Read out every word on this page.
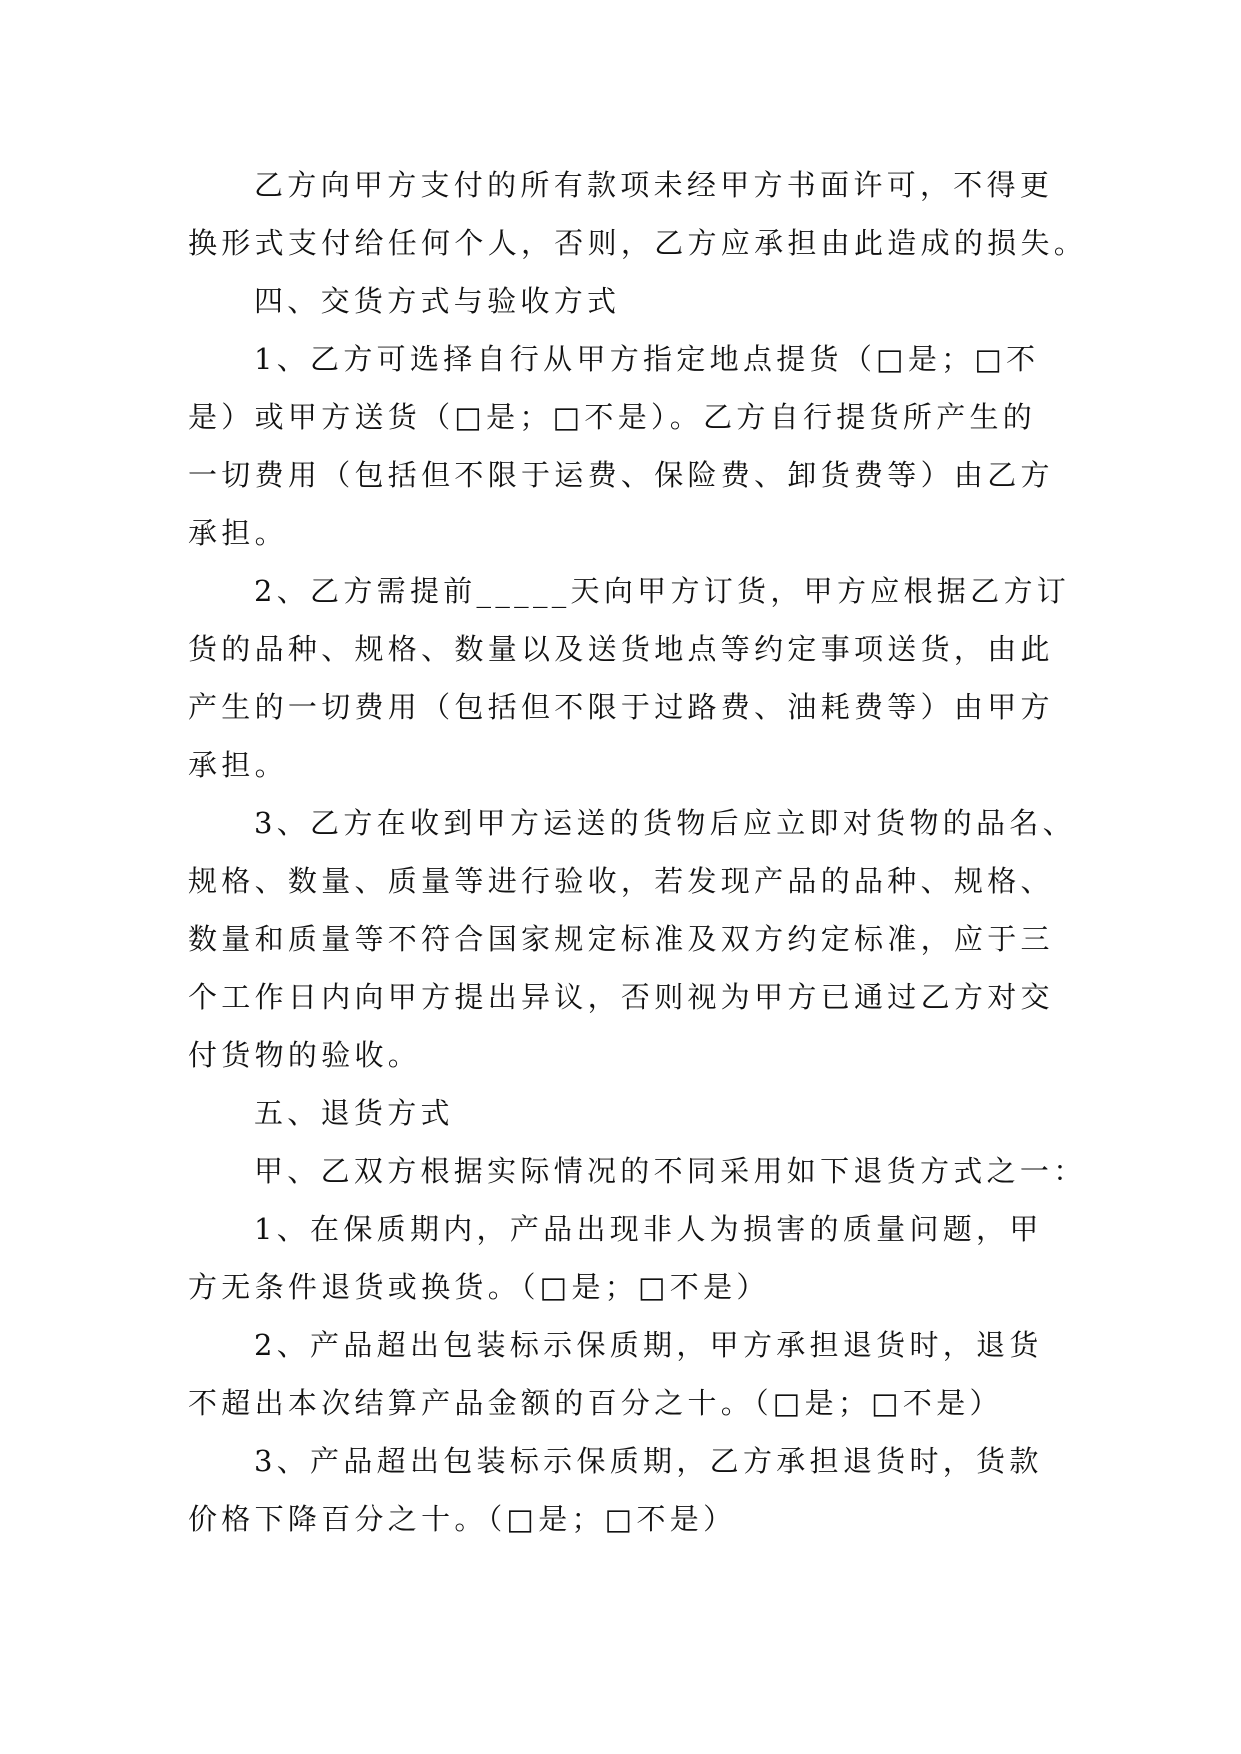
乙方向甲方支付的所有款项未经甲方书面许可，不得更
换形式支付给任何个人，否则，乙方应承担由此造成的损失。
四、交货方式与验收方式
1、乙方可选择自行从甲方指定地点提货（□是；□不
是）或甲方送货（□是；□不是）。乙方自行提货所产生的
一切费用（包括但不限于运费、保险费、卸货费等）由乙方
承担。
2、乙方需提前_____天向甲方订货，甲方应根据乙方订
货的品种、规格、数量以及送货地点等约定事项送货，由此
产生的一切费用（包括但不限于过路费、油耗费等）由甲方
承担。
3、乙方在收到甲方运送的货物后应立即对货物的品名、
规格、数量、质量等进行验收，若发现产品的品种、规格、
数量和质量等不符合国家规定标准及双方约定标准，应于三
个工作日内向甲方提出异议，否则视为甲方已通过乙方对交
付货物的验收。
五、退货方式
甲、乙双方根据实际情况的不同采用如下退货方式之一：
1、在保质期内，产品出现非人为损害的质量问题，甲
方无条件退货或换货。（□是；□不是）
2、产品超出包装标示保质期，甲方承担退货时，退货
不超出本次结算产品金额的百分之十。（□是；□不是）
3、产品超出包装标示保质期，乙方承担退货时，货款
价格下降百分之十。（□是；□不是）
